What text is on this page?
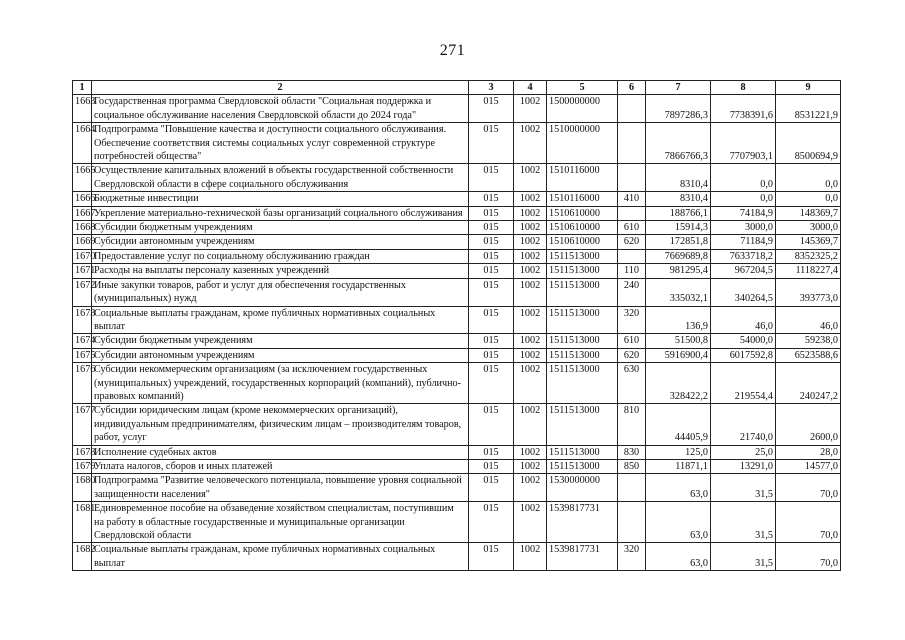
271
1	2	3	4	5	6	7	8	9
1663	Государственная программа Свердловской области "Социальная поддержка и социальное обслуживание населения Свердловской области до 2024 года"	015	1002	1500000000		7897286,3	7738391,6	8531221,9
1664	Подпрограмма "Повышение качества и доступности социального обслуживания. Обеспечение соответствия системы социальных услуг современной структуре потребностей общества"	015	1002	1510000000		7866766,3	7707903,1	8500694,9
1665	Осуществление капитальных вложений в объекты государственной собственности Свердловской области в сфере социального обслуживания	015	1002	1510116000		8310,4	0,0	0,0
1666	Бюджетные инвестиции	015	1002	1510116000	410	8310,4	0,0	0,0
1667	Укрепление материально-технической базы организаций социального обслуживания	015	1002	1510610000		188766,1	74184,9	148369,7
1668	Субсидии бюджетным учреждениям	015	1002	1510610000	610	15914,3	3000,0	3000,0
1669	Субсидии автономным учреждениям	015	1002	1510610000	620	172851,8	71184,9	145369,7
1670	Предоставление услуг по социальному обслуживанию граждан	015	1002	1511513000		7669689,8	7633718,2	8352325,2
1671	Расходы на выплаты персоналу казенных учреждений	015	1002	1511513000	110	981295,4	967204,5	1118227,4
1672	Иные закупки товаров, работ и услуг для обеспечения государственных (муниципальных) нужд	015	1002	1511513000	240	335032,1	340264,5	393773,0
1673	Социальные выплаты гражданам, кроме публичных нормативных социальных выплат	015	1002	1511513000	320	136,9	46,0	46,0
1674	Субсидии бюджетным учреждениям	015	1002	1511513000	610	51500,8	54000,0	59238,0
1675	Субсидии автономным учреждениям	015	1002	1511513000	620	5916900,4	6017592,8	6523588,6
1676	Субсидии некоммерческим организациям (за исключением государственных (муниципальных) учреждений, государственных корпораций (компаний), публично-правовых компаний)	015	1002	1511513000	630	328422,2	219554,4	240247,2
1677	Субсидии юридическим лицам (кроме некоммерческих организаций), индивидуальным предпринимателям, физическим лицам – производителям товаров, работ, услуг	015	1002	1511513000	810	44405,9	21740,0	2600,0
1678	Исполнение судебных актов	015	1002	1511513000	830	125,0	25,0	28,0
1679	Уплата налогов, сборов и иных платежей	015	1002	1511513000	850	11871,1	13291,0	14577,0
1680	Подпрограмма "Развитие человеческого потенциала, повышение уровня социальной защищенности населения"	015	1002	1530000000		63,0	31,5	70,0
1681	Единовременное пособие на обзаведение хозяйством специалистам, поступившим на работу в областные государственные и муниципальные организации Свердловской области	015	1002	1539817731		63,0	31,5	70,0
1682	Социальные выплаты гражданам, кроме публичных нормативных социальных выплат	015	1002	1539817731	320	63,0	31,5	70,0
